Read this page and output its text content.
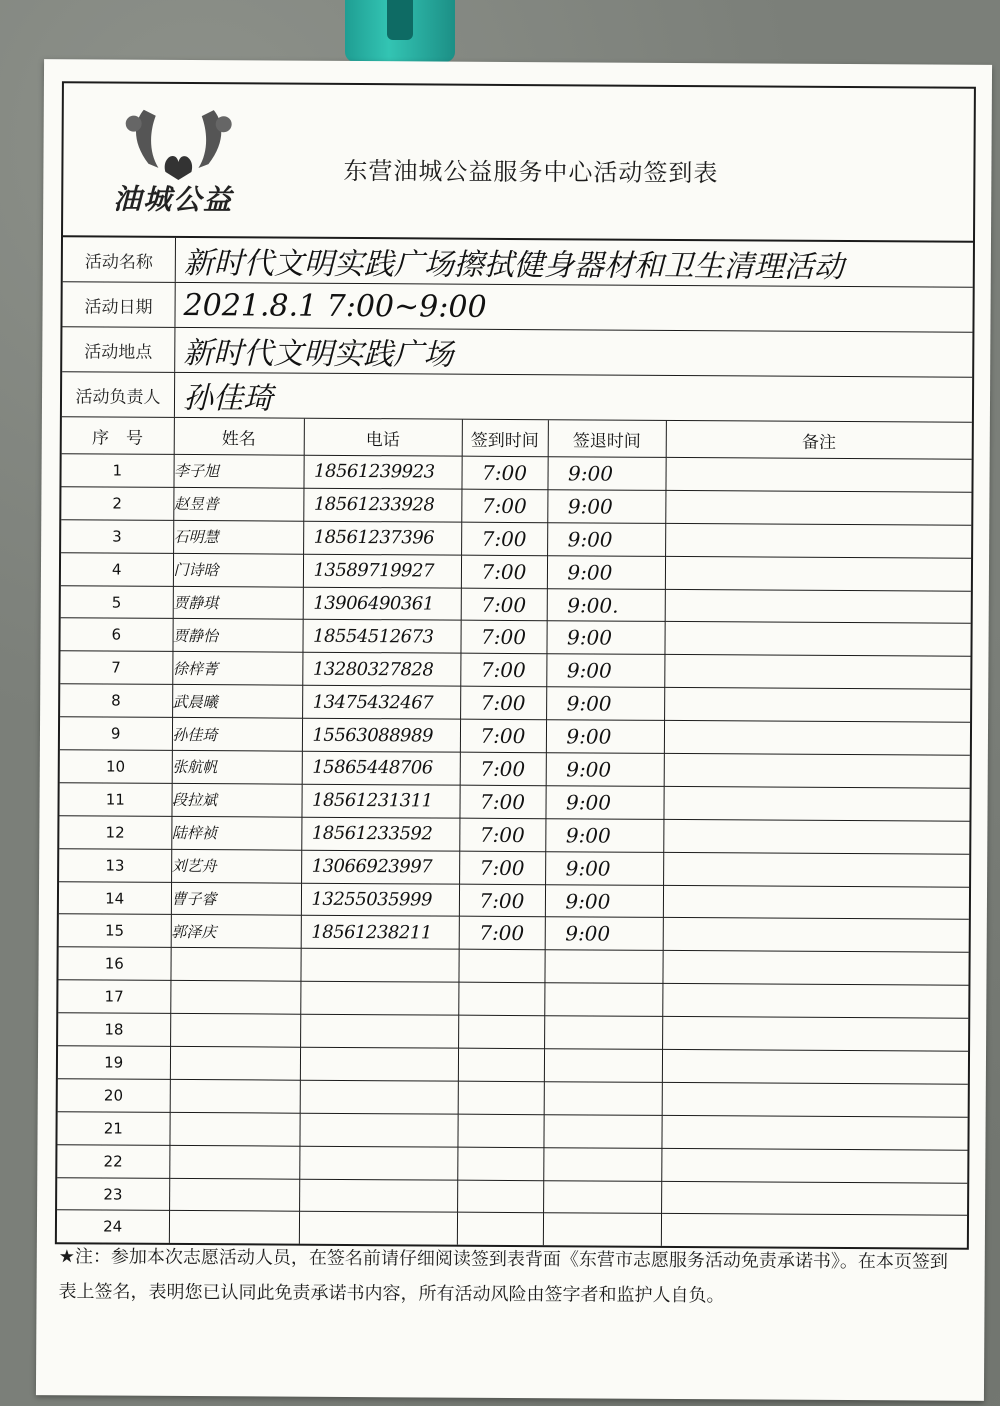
油城公益
东营油城公益服务中心活动签到表
活动名称	新时代文明实践广场擦拭健身器材和卫生清理活动
活动日期	2021.8.1 7:00~9:00
活动地点	新时代文明实践广场
活动负责人 孙佳琦
序　号	姓名	电话	签到时间	签退时间	备注
1	李子旭	18561239923	7:00	9:00	
2	赵昱普	18561233928	7:00	9:00	
3	石明慧	18561237396	7:00	9:00	
4	门诗晗	13589719927	7:00	9:00	
5	贾静琪	13906490361	7:00	9:00.	
6	贾静怡	18554512673	7:00	9:00	
7	徐梓菁	13280327828	7:00	9:00	
8	武晨曦	13475432467	7:00	9:00	
9	孙佳琦	15563088989	7:00	9:00	
10	张航帆	15865448706	7:00	9:00	
11	段拉斌	18561231311	7:00	9:00	
12	陆梓祯	18561233592	7:00	9:00	
13	刘艺舟	13066923997	7:00	9:00	
14	曹子睿	13255035999	7:00	9:00	
15	郭泽庆	18561238211	7:00	9:00	
16					
17					
18					
19					
20					
21					
22					
23					
24					
★注：参加本次志愿活动人员，在签名前请仔细阅读签到表背面《东营市志愿服务活动免责承诺书》。在本页签到表上签名，表明您已认同此免责承诺书内容，所有活动风险由签字者和监护人自负。
